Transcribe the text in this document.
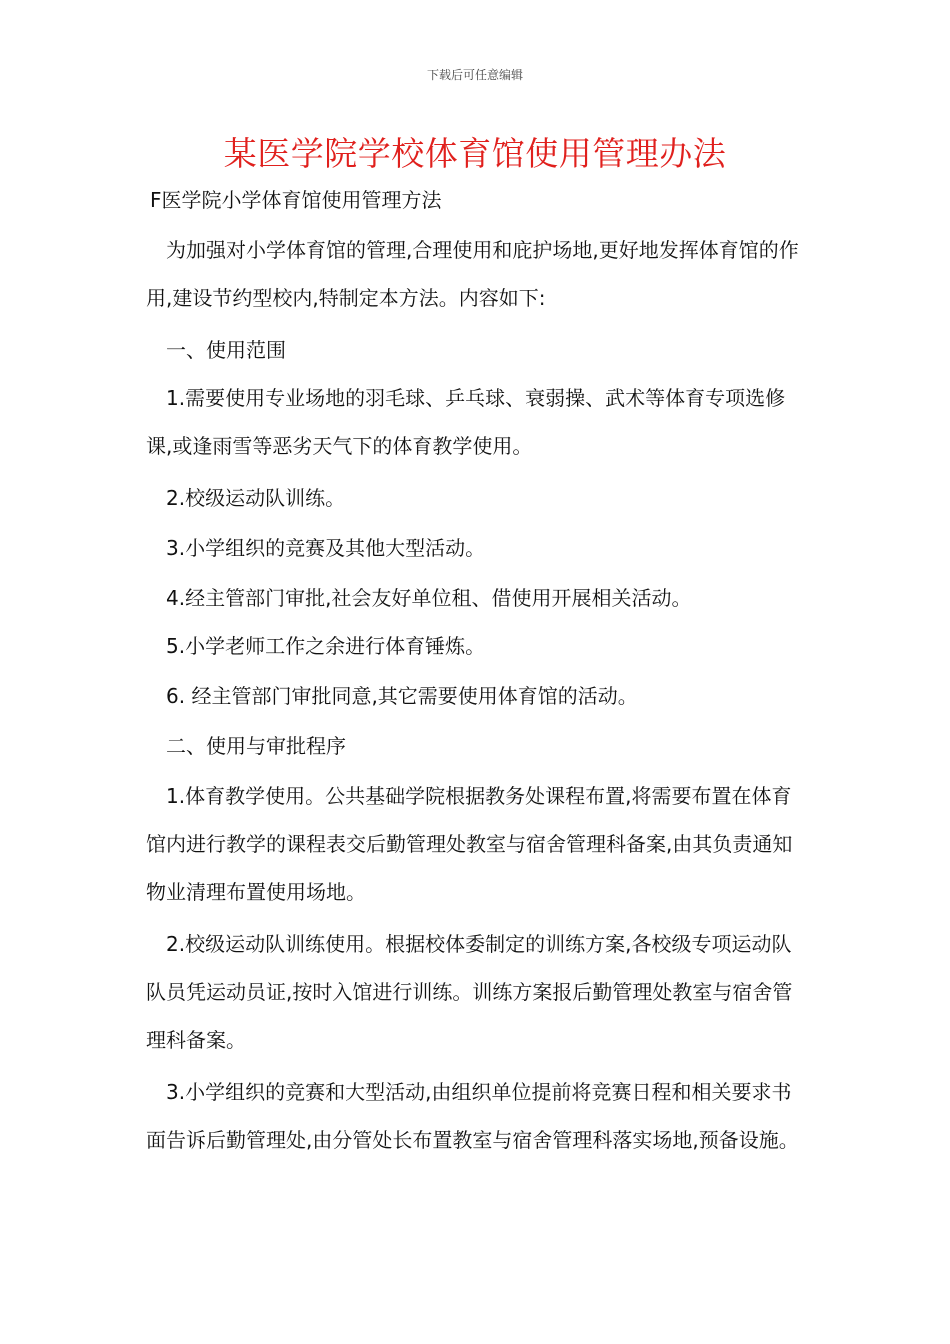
下载后可任意编辑
某医学院学校体育馆使用管理办法

F医学院小学体育馆使用管理方法

为加强对小学体育馆的管理,合理使用和庇护场地,更好地发挥体育馆的作用,建设节约型校内,特制定本方法。内容如下:

一、使用范围

1.需要使用专业场地的羽毛球、乒乓球、衰弱操、武术等体育专项选修课,或逢雨雪等恶劣天气下的体育教学使用。

2.校级运动队训练。

3.小学组织的竞赛及其他大型活动。

4.经主管部门审批,社会友好单位租、借使用开展相关活动。

5.小学老师工作之余进行体育锤炼。

6. 经主管部门审批同意,其它需要使用体育馆的活动。

二、使用与审批程序

1.体育教学使用。公共基础学院根据教务处课程布置,将需要布置在体育馆内进行教学的课程表交后勤管理处教室与宿舍管理科备案,由其负责通知物业清理布置使用场地。

2.校级运动队训练使用。根据校体委制定的训练方案,各校级专项运动队队员凭运动员证,按时入馆进行训练。训练方案报后勤管理处教室与宿舍管理科备案。

3.小学组织的竞赛和大型活动,由组织单位提前将竞赛日程和相关要求书面告诉后勤管理处,由分管处长布置教室与宿舍管理科落实场地,预备设施。
